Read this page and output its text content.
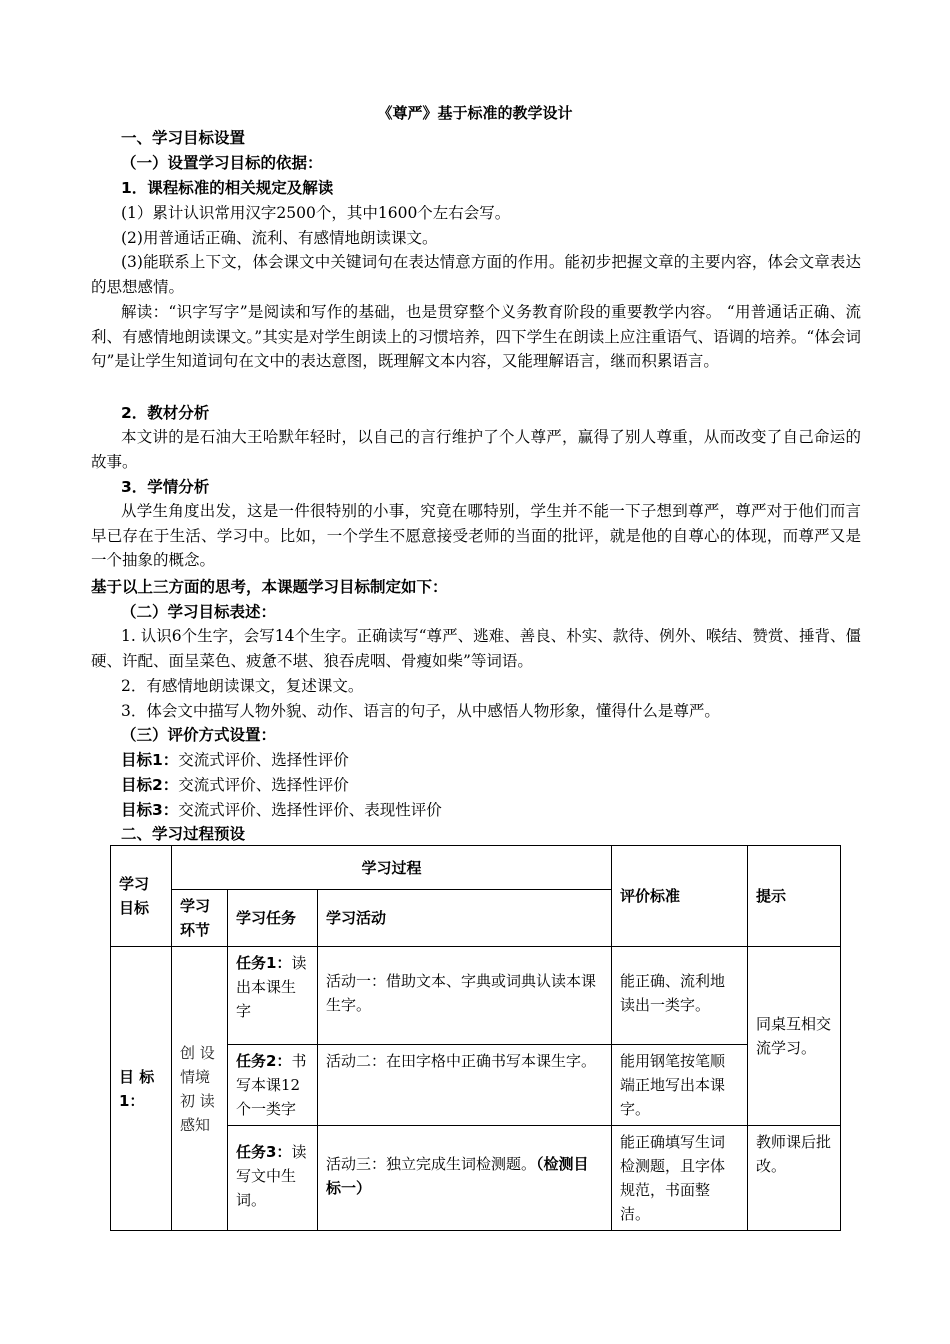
《尊严》基于标准的教学设计
一、学习目标设置
（一）设置学习目标的依据：
1．课程标准的相关规定及解读
(1）累计认识常用汉字2500个，其中1600个左右会写。
(2)用普通话正确、流利、有感情地朗读课文。
(3)能联系上下文，体会课文中关键词句在表达情意方面的作用。能初步把握文章的主要内容，体会文章表达的思想感情。
解读：“识字写字”是阅读和写作的基础，也是贯穿整个义务教育阶段的重要教学内容。 “用普通话正确、流利、有感情地朗读课文。”其实是对学生朗读上的习惯培养，四下学生在朗读上应注重语气、语调的培养。“体会词句”是让学生知道词句在文中的表达意图，既理解文本内容，又能理解语言，继而积累语言。
2．教材分析
本文讲的是石油大王哈默年轻时，以自己的言行维护了个人尊严，赢得了别人尊重，从而改变了自己命运的故事。
3．学情分析
从学生角度出发，这是一件很特别的小事，究竟在哪特别，学生并不能一下子想到尊严，尊严对于他们而言早已存在于生活、学习中。比如，一个学生不愿意接受老师的当面的批评，就是他的自尊心的体现，而尊严又是一个抽象的概念。
基于以上三方面的思考，本课题学习目标制定如下：
（二）学习目标表述：
1. 认识6个生字，会写14个生字。正确读写“尊严、逃难、善良、朴实、款待、例外、喉结、赞赏、捶背、僵硬、许配、面呈菜色、疲惫不堪、狼吞虎咽、骨瘦如柴”等词语。
2．有感情地朗读课文，复述课文。
3．体会文中描写人物外貌、动作、语言的句子，从中感悟人物形象，懂得什么是尊严。
（三）评价方式设置：
目标1：交流式评价、选择性评价
目标2：交流式评价、选择性评价
目标3：交流式评价、选择性评价、表现性评价
二、学习过程预设
学习目标	学习过程			评价标准	提示
	学习环节	学习任务	学习活动		
目 标 1：	创 设 情境 初 读 感知	任务1：读出本课生字	活动一：借助文本、字典或词典认读本课生字。	能正确、流利地读出一类字。	同桌互相交流学习。
		任务2：书写本课12个一类字	活动二：在田字格中正确书写本课生字。	能用钢笔按笔顺端正地写出本课字。	
		任务3：读写文中生词。	活动三：独立完成生词检测题。（检测目标一）	能正确填写生词检测题，且字体规范，书面整洁。	教师课后批改。
